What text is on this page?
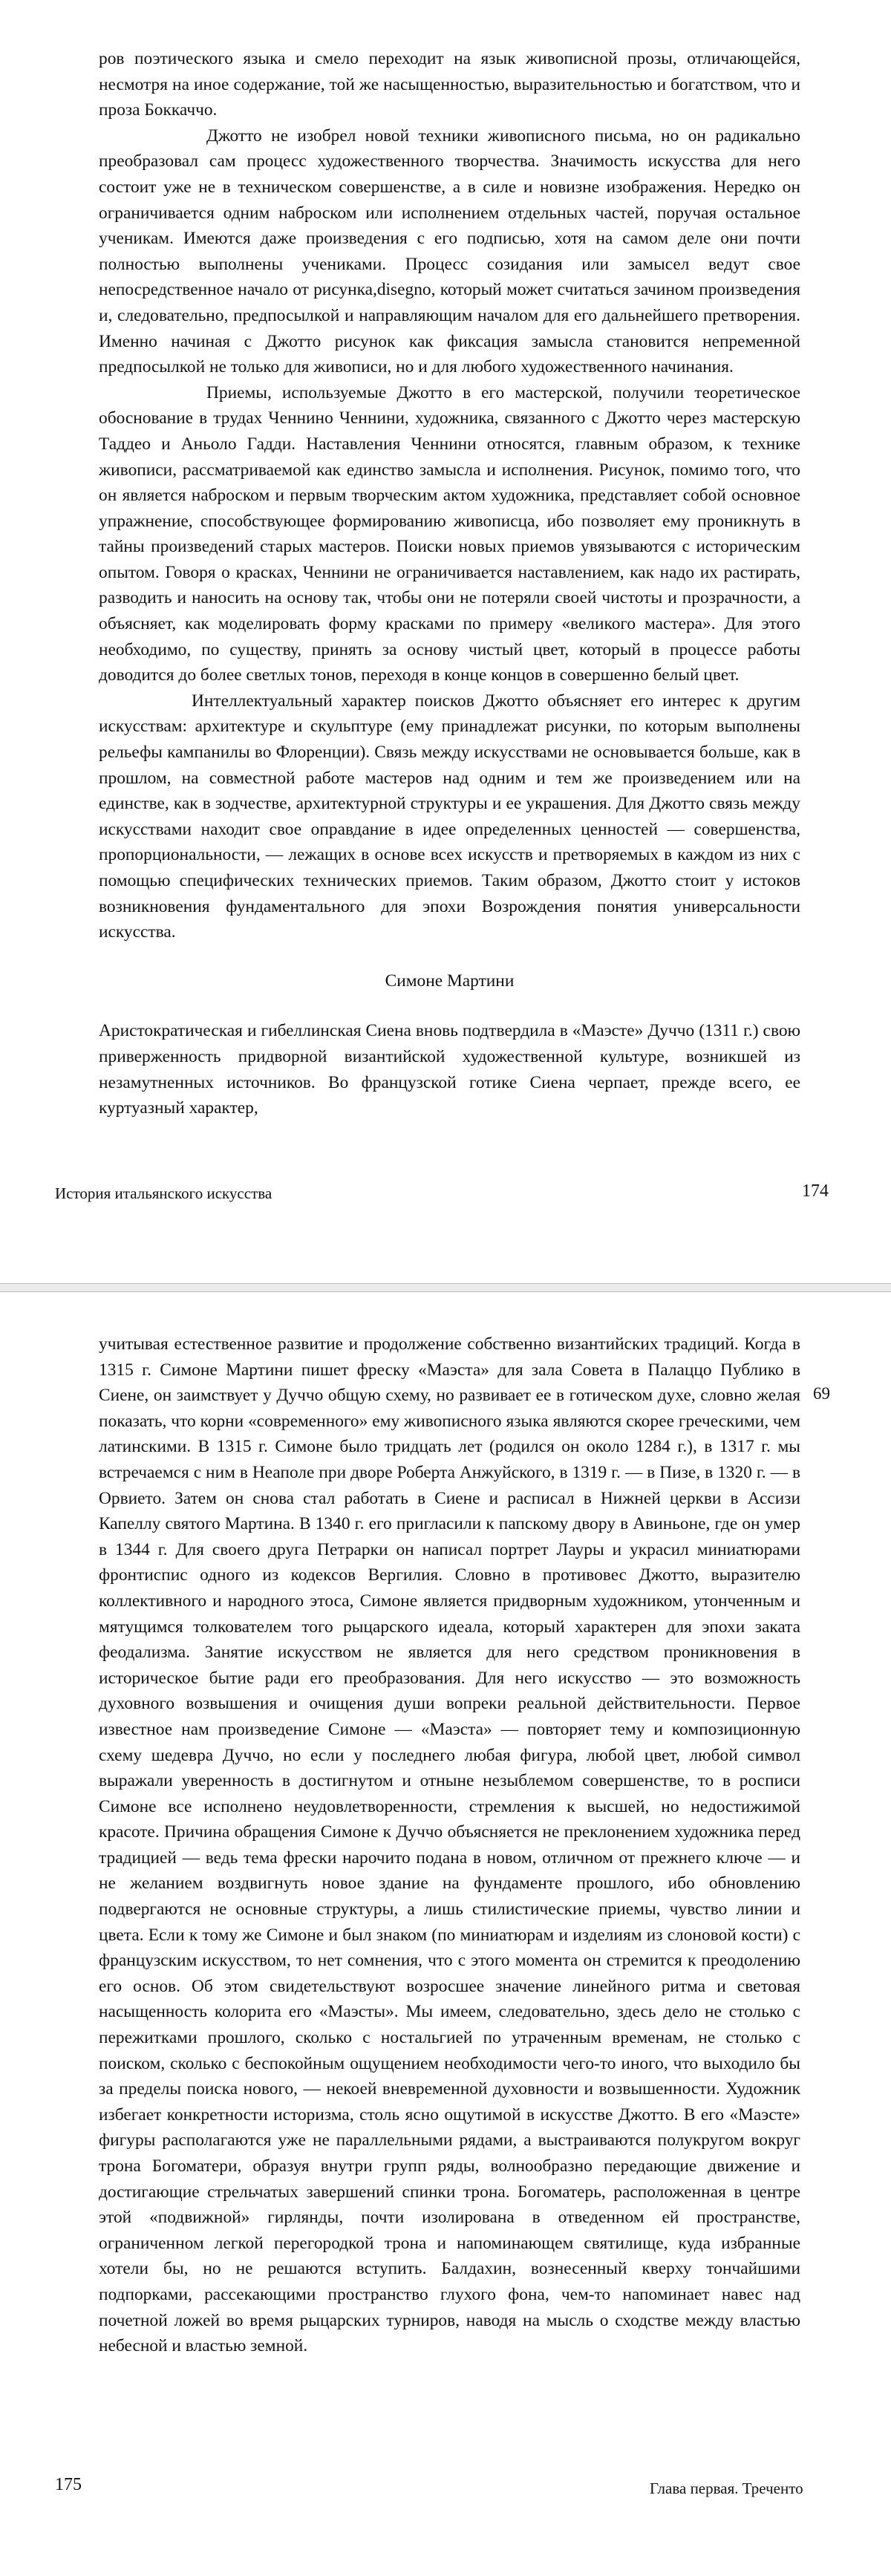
ров поэтического языка и смело переходит на язык живописной прозы, отличающейся, несмотря на иное содержание, той же насыщенностью, выразительностью и богатством, что и проза Боккаччо.

Джотто не изобрел новой техники живописного письма, но он радикально преобразовал сам процесс художественного творчества. Значимость искусства для него состоит уже не в техническом совершенстве, а в силе и новизне изображения. Нередко он ограничивается одним наброском или исполнением отдельных частей, поручая остальное ученикам. Имеются даже произведения с его подписью, хотя на самом деле они почти полностью выполнены учениками. Процесс созидания или замысел ведут свое непосредственное начало от рисунка,disegno, который может считаться зачином произведения и, следовательно, предпосылкой и направляющим началом для его дальнейшего претворения. Именно начиная с Джотто рисунок как фиксация замысла становится непременной предпосылкой не только для живописи, но и для любого художественного начинания.

Приемы, используемые Джотто в его мастерской, получили теоретическое обоснование в трудах Ченнино Ченнини, художника, связанного с Джотто через мастерскую Таддео и Аньоло Гадди. Наставления Ченнини относятся, главным образом, к технике живописи, рассматриваемой как единство замысла и исполнения. Рисунок, помимо того, что он является наброском и первым творческим актом художника, представляет собой основное упражнение, способствующее формированию живописца, ибо позволяет ему проникнуть в тайны произведений старых мастеров. Поиски новых приемов увязываются с историческим опытом. Говоря о красках, Ченнини не ограничивается наставлением, как надо их растирать, разводить и наносить на основу так, чтобы они не потеряли своей чистоты и прозрачности, а объясняет, как моделировать форму красками по примеру «великого мастера». Для этого необходимо, по существу, принять за основу чистый цвет, который в процессе работы доводится до более светлых тонов, переходя в конце концов в совершенно белый цвет.

Интеллектуальный характер поисков Джотто объясняет его интерес к другим искусствам: архитектуре и скульптуре (ему принадлежат рисунки, по которым выполнены рельефы кампанилы во Флоренции). Связь между искусствами не основывается больше, как в прошлом, на совместной работе мастеров над одним и тем же произведением или на единстве, как в зодчестве, архитектурной структуры и ее украшения. Для Джотто связь между искусствами находит свое оправдание в идее определенных ценностей — совершенства, пропорциональности, — лежащих в основе всех искусств и претворяемых в каждом из них с помощью специфических технических приемов. Таким образом, Джотто стоит у истоков возникновения фундаментального для эпохи Возрождения понятия универсальности искусства.

Симоне Мартини

Аристократическая и гибеллинская Сиена вновь подтвердила в «Маэсте» Дуччо (1311 г.) свою приверженность придворной византийской художественной культуре, возникшей из незамутненных источников. Во французской готике Сиена черпает, прежде всего, ее куртуазный характер,

История итальянского искусства	174

учитывая естественное развитие и продолжение собственно византийских традиций. Когда в 1315 г. Симоне Мартини пишет фреску «Маэста» для зала Совета в Палаццо Публико в Сиене, он заимствует у Дуччо общую схему, но развивает ее в готическом духе, словно желая показать, что корни «современного» ему живописного языка являются скорее греческими, чем латинскими. В 1315 г. Симоне было тридцать лет (родился он около 1284 г.), в 1317 г. мы встречаемся с ним в Неаполе при дворе Роберта Анжуйского, в 1319 г. — в Пизе, в 1320 г. — в Орвието. Затем он снова стал работать в Сиене и расписал в Нижней церкви в Ассизи Капеллу святого Мартина. В 1340 г. его пригласили к папскому двору в Авиньоне, где он умер в 1344 г. Для своего друга Петрарки он написал портрет Лауры и украсил миниатюрами фронтиспис одного из кодексов Вергилия. Словно в противовес Джотто, выразителю коллективного и народного этоса, Симоне является придворным художником, утонченным и мятущимся толкователем того рыцарского идеала, который характерен для эпохи заката феодализма. Занятие искусством не является для него средством проникновения в историческое бытие ради его преобразования. Для него искусство — это возможность духовного возвышения и очищения души вопреки реальной действительности. Первое известное нам произведение Симоне — «Маэста» — повторяет тему и композиционную схему шедевра Дуччо, но если у последнего любая фигура, любой цвет, любой символ выражали уверенность в достигнутом и отныне незыблемом совершенстве, то в росписи Симоне все исполнено неудовлетворенности, стремления к высшей, но недостижимой красоте. Причина обращения Симоне к Дуччо объясняется не преклонением художника перед традицией — ведь тема фрески нарочито подана в новом, отличном от прежнего ключе — и не желанием воздвигнуть новое здание на фундаменте прошлого, ибо обновлению подвергаются не основные структуры, а лишь стилистические приемы, чувство линии и цвета. Если к тому же Симоне и был знаком (по миниатюрам и изделиям из слоновой кости) с французским искусством, то нет сомнения, что с этого момента он стремится к преодолению его основ. Об этом свидетельствуют возросшее значение линейного ритма и световая насыщенность колорита его «Маэсты». Мы имеем, следовательно, здесь дело не столько с пережитками прошлого, сколько с ностальгией по утраченным временам, не столько с поиском, сколько с беспокойным ощущением необходимости чего-то иного, что выходило бы за пределы поиска нового, — некоей вневременной духовности и возвышенности. Художник избегает конкретности историзма, столь ясно ощутимой в искусстве Джотто. В его «Маэсте» фигуры располагаются уже не параллельными рядами, а выстраиваются полукругом вокруг трона Богоматери, образуя внутри групп ряды, волнообразно передающие движение и достигающие стрельчатых завершений спинки трона. Богоматерь, расположенная в центре этой «подвижной» гирлянды, почти изолирована в отведенном ей пространстве, ограниченном легкой перегородкой трона и напоминающем святилище, куда избранные хотели бы, но не решаются вступить. Балдахин, вознесенный кверху тончайшими подпорками, рассекающими пространство глухого фона, чем-то напоминает навес над почетной ложей во время рыцарских турниров, наводя на мысль о сходстве между властью небесной и властью земной.

69
175	Глава первая. Треченто
